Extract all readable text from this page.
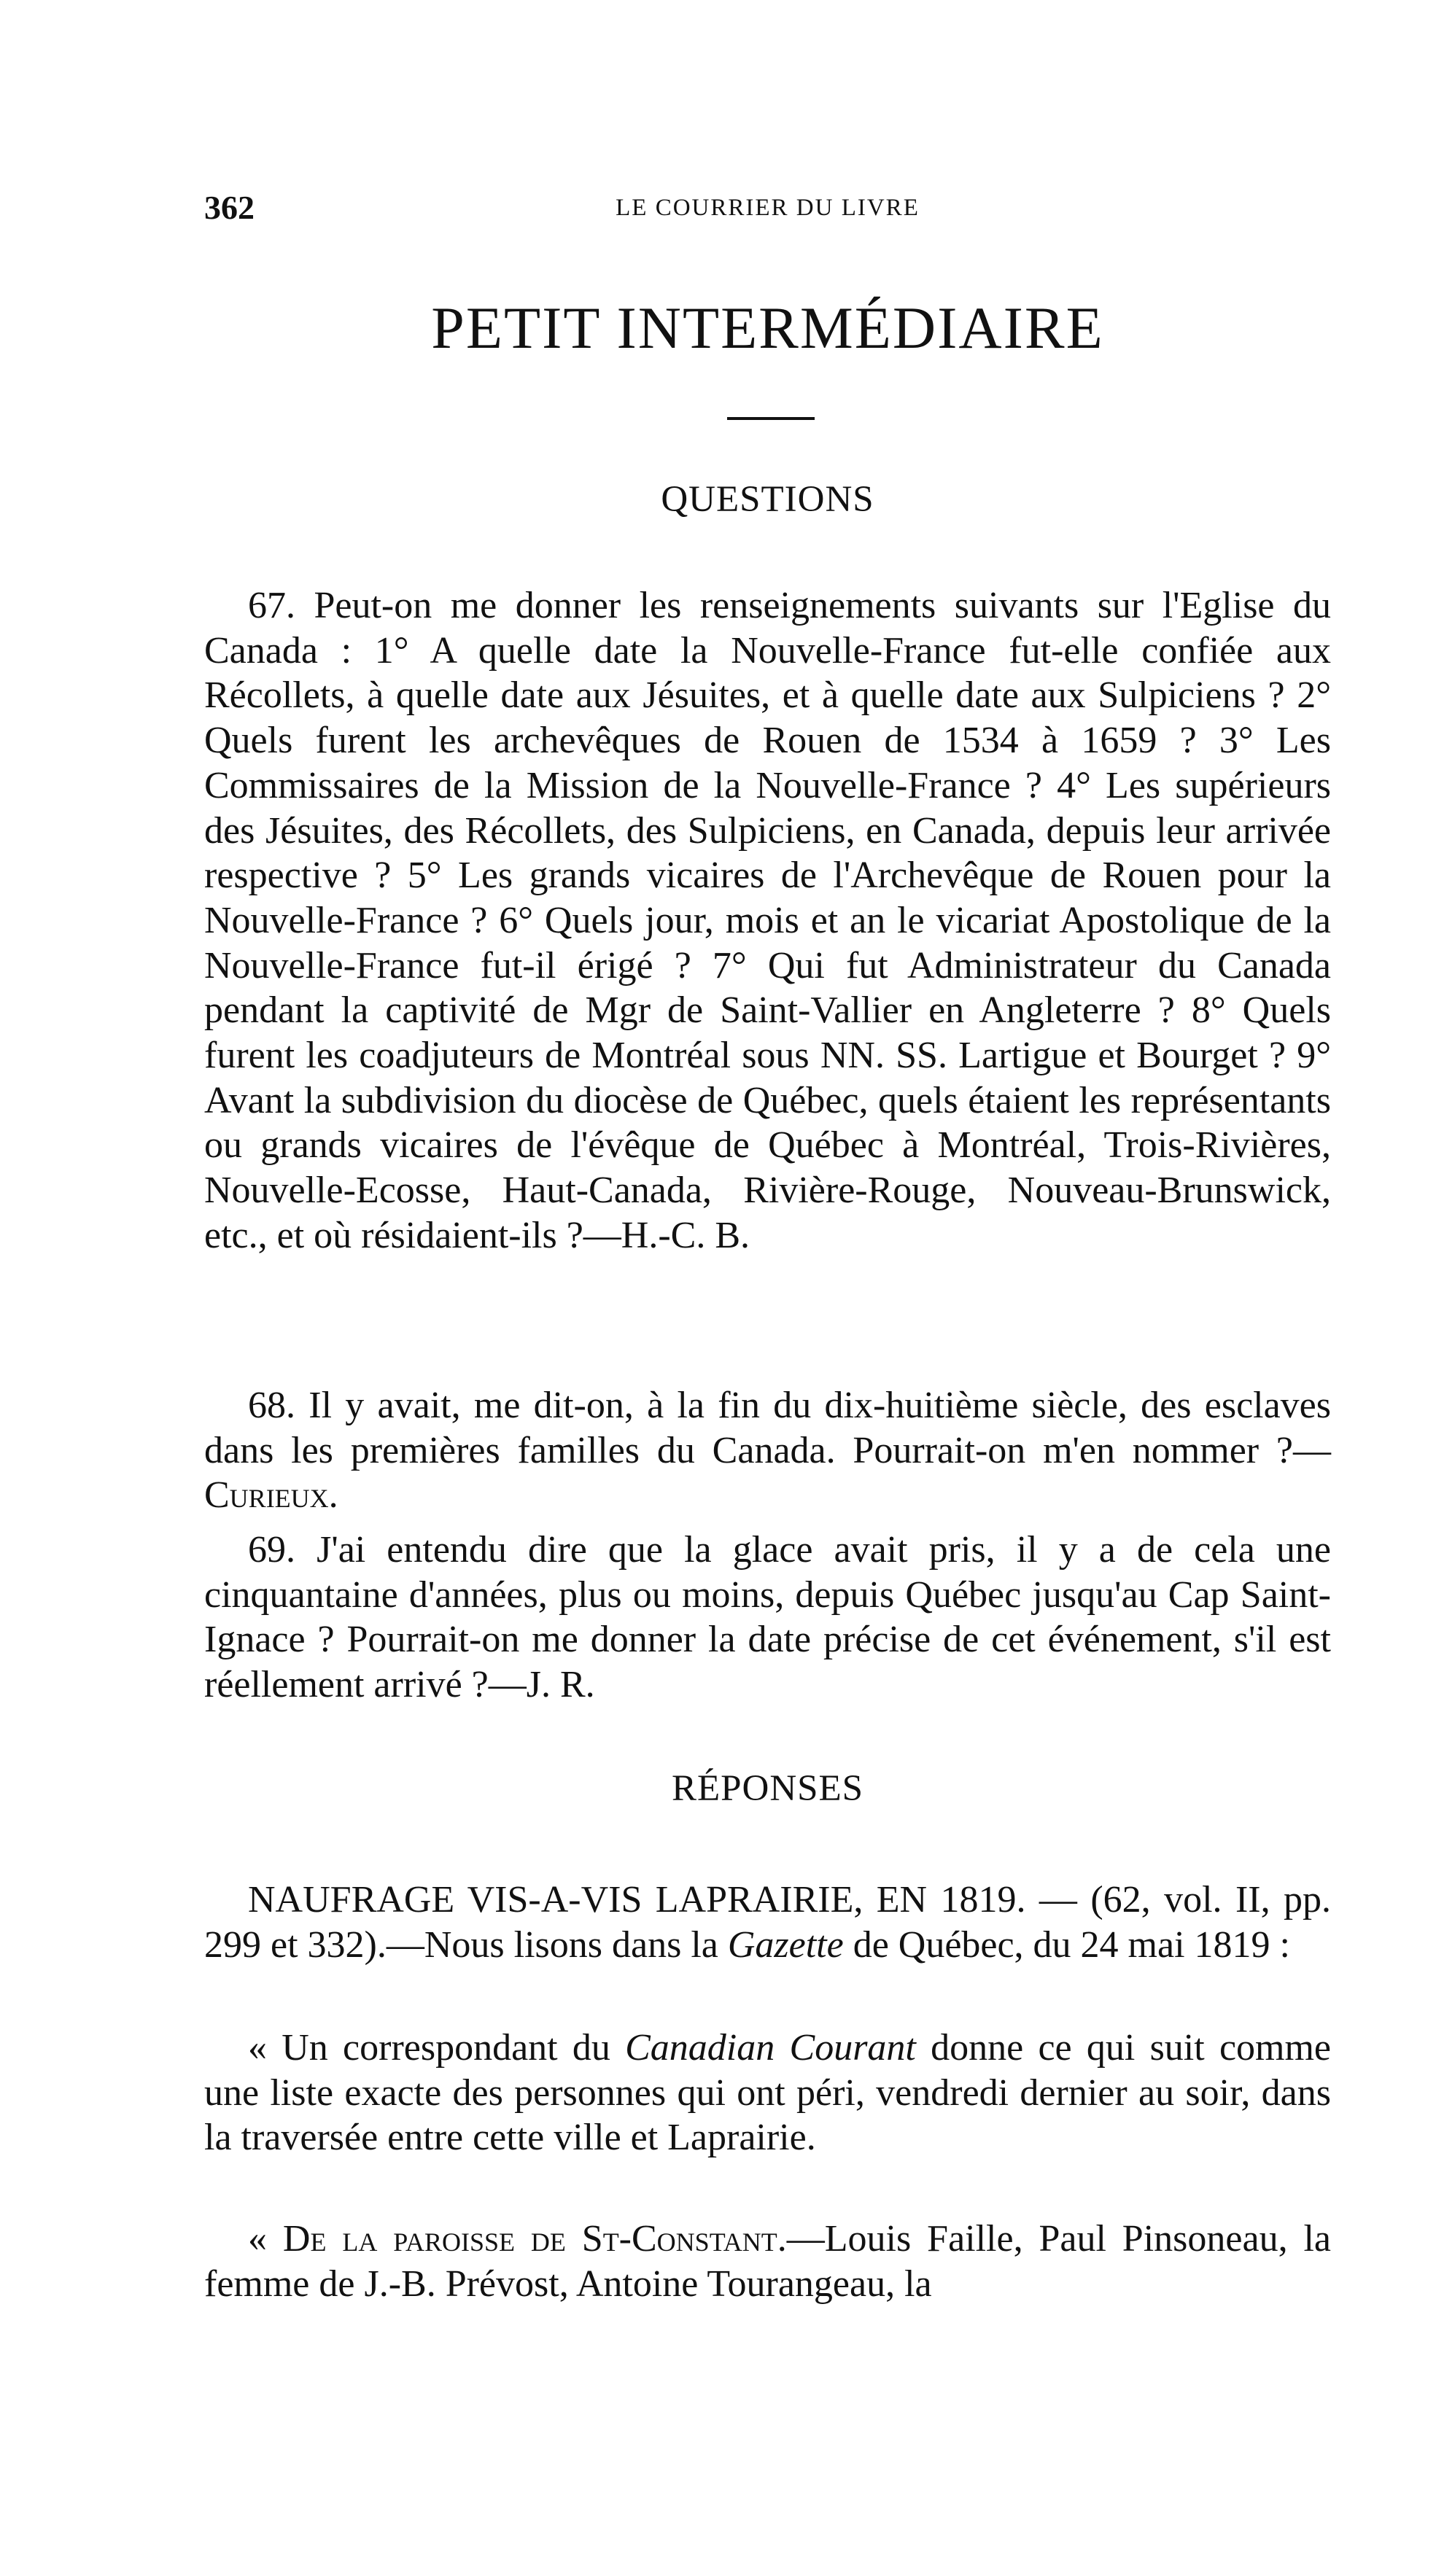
362	LE COURRIER DU LIVRE
PETIT INTERMÉDIAIRE
QUESTIONS

67. Peut-on me donner les renseignements suivants sur l'Eglise du Canada : 1° A quelle date la Nouvelle-France fut-elle confiée aux Récollets, à quelle date aux Jésuites, et à quelle date aux Sulpiciens ? 2° Quels furent les archevêques de Rouen de 1534 à 1659 ? 3° Les Commissaires de la Mission de la Nouvelle-France ? 4° Les supérieurs des Jésuites, des Récollets, des Sulpiciens, en Canada, depuis leur arrivée respective ? 5° Les grands vicaires de l'Archevêque de Rouen pour la Nouvelle-France ? 6° Quels jour, mois et an le vicariat Apostolique de la Nouvelle-France fut-il érigé ? 7° Qui fut Administrateur du Canada pendant la captivité de Mgr de Saint-Vallier en Angleterre ? 8° Quels furent les coadjuteurs de Montréal sous NN. SS. Lartigue et Bourget ? 9° Avant la subdivision du diocèse de Québec, quels étaient les représentants ou grands vicaires de l'évêque de Québec à Montréal, Trois-Rivières, Nouvelle-Ecosse, Haut-Canada, Rivière-Rouge, Nouveau-Brunswick, etc., et où résidaient-ils ?—H.-C. B.

68. Il y avait, me dit-on, à la fin du dix-huitième siècle, des esclaves dans les premières familles du Canada. Pourrait-on m'en nommer ?—Curieux.

69. J'ai entendu dire que la glace avait pris, il y a de cela une cinquantaine d'années, plus ou moins, depuis Québec jusqu'au Cap Saint-Ignace ? Pourrait-on me donner la date précise de cet événement, s'il est réellement arrivé ?—J. R.

RÉPONSES

NAUFRAGE VIS-A-VIS LAPRAIRIE, EN 1819. — (62, vol. II, pp. 299 et 332).—Nous lisons dans la Gazette de Québec, du 24 mai 1819 :

« Un correspondant du Canadian Courant donne ce qui suit comme une liste exacte des personnes qui ont péri, vendredi dernier au soir, dans la traversée entre cette ville et Laprairie.

« De la paroisse de St-Constant.—Louis Faille, Paul Pinsoneau, la femme de J.-B. Prévost, Antoine Tourangeau, la
